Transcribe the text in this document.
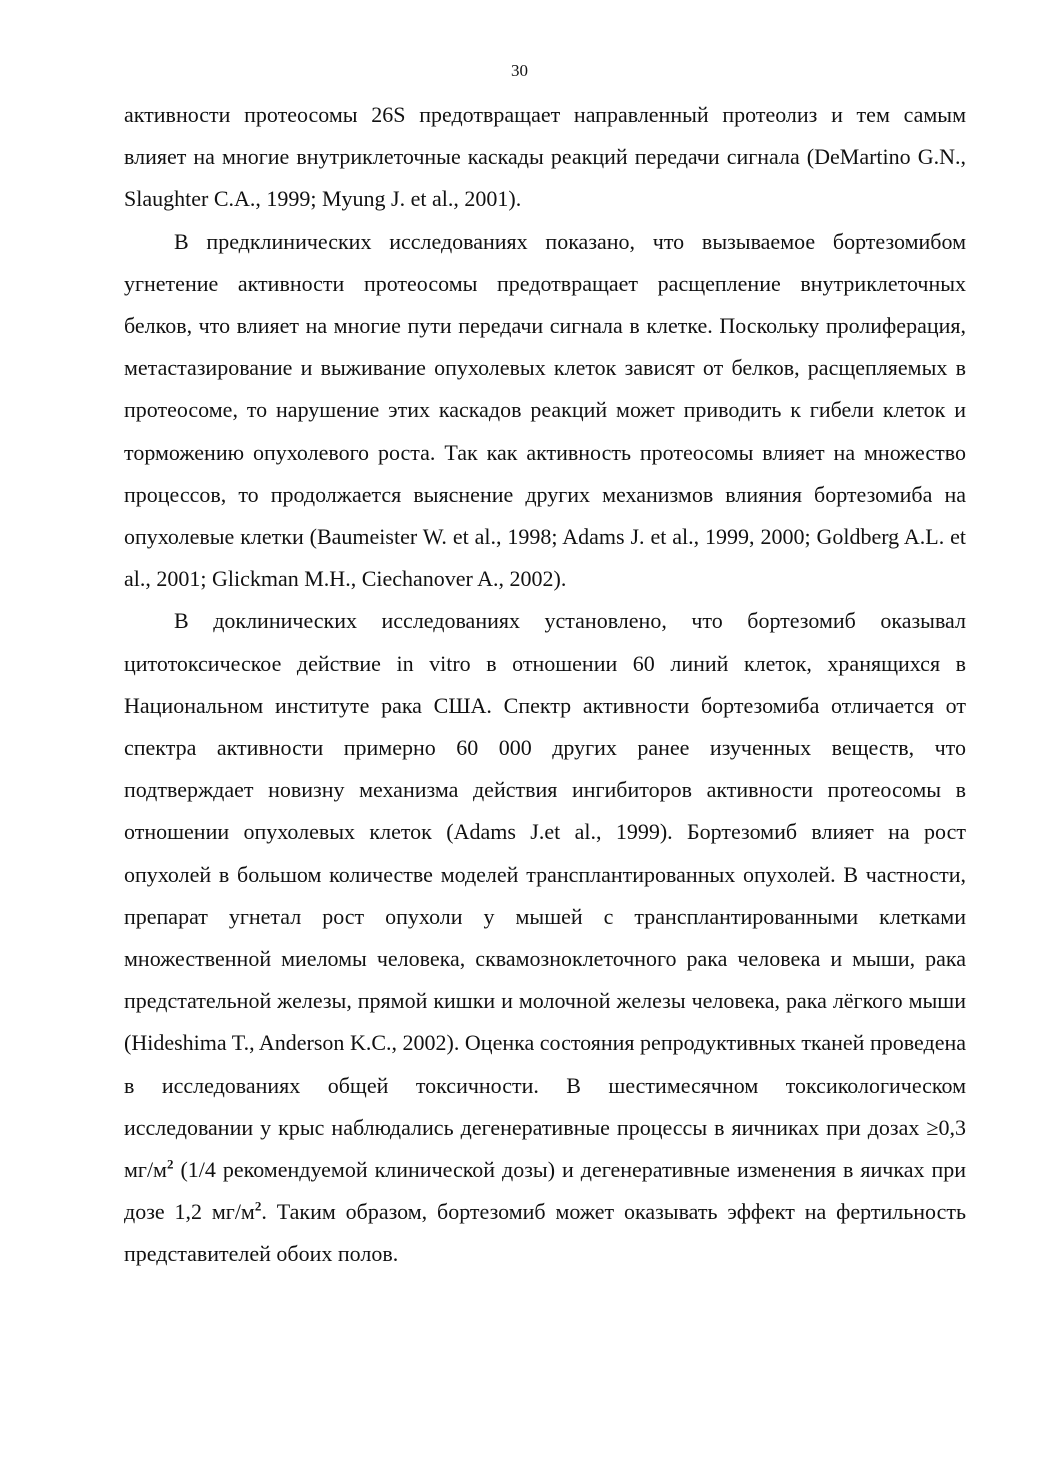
30

активности протеосомы 26S предотвращает направленный протеолиз и тем самым влияет на многие внутриклеточные каскады реакций передачи сигнала (DeMartino G.N., Slaughter C.A., 1999; Myung J. et al., 2001).

В предклинических исследованиях показано, что вызываемое бортезомибом угнетение активности протеосомы предотвращает расщепление внутриклеточных белков, что влияет на многие пути передачи сигнала в клетке. Поскольку пролиферация, метастазирование и выживание опухолевых клеток зависят от белков, расщепляемых в протеосоме, то нарушение этих каскадов реакций может приводить к гибели клеток и торможению опухолевого роста. Так как активность протеосомы влияет на множество процессов, то продолжается выяснение других механизмов влияния бортезомиба на опухолевые клетки (Baumeister W. et al., 1998; Adams J. et al., 1999, 2000; Goldberg A.L. et al., 2001; Glickman M.H., Ciechanover A., 2002).

В доклинических исследованиях установлено, что бортезомиб оказывал цитотоксическое действие in vitro в отношении 60 линий клеток, хранящихся в Национальном институте рака США. Спектр активности бортезомиба отличается от спектра активности примерно 60 000 других ранее изученных веществ, что подтверждает новизну механизма действия ингибиторов активности протеосомы в отношении опухолевых клеток (Adams J.et al., 1999). Бортезомиб влияет на рост опухолей в большом количестве моделей трансплантированных опухолей. В частности, препарат угнетал рост опухоли у мышей с трансплантированными клетками множественной миеломы человека, сквамозноклеточного рака человека и мыши, рака предстательной железы, прямой кишки и молочной железы человека, рака лёгкого мыши (Hideshima T., Anderson K.C., 2002). Оценка состояния репродуктивных тканей проведена в исследованиях общей токсичности. В шестимесячном токсикологическом исследовании у крыс наблюдались дегенеративные процессы в яичниках при дозах ≥0,3 $мг/м^2$ (1/4 рекомендуемой клинической дозы) и дегенеративные изменения в яичках при дозе 1,2 $мг/м^2$. Таким образом, бортезомиб может оказывать эффект на фертильность представителей обоих полов.
